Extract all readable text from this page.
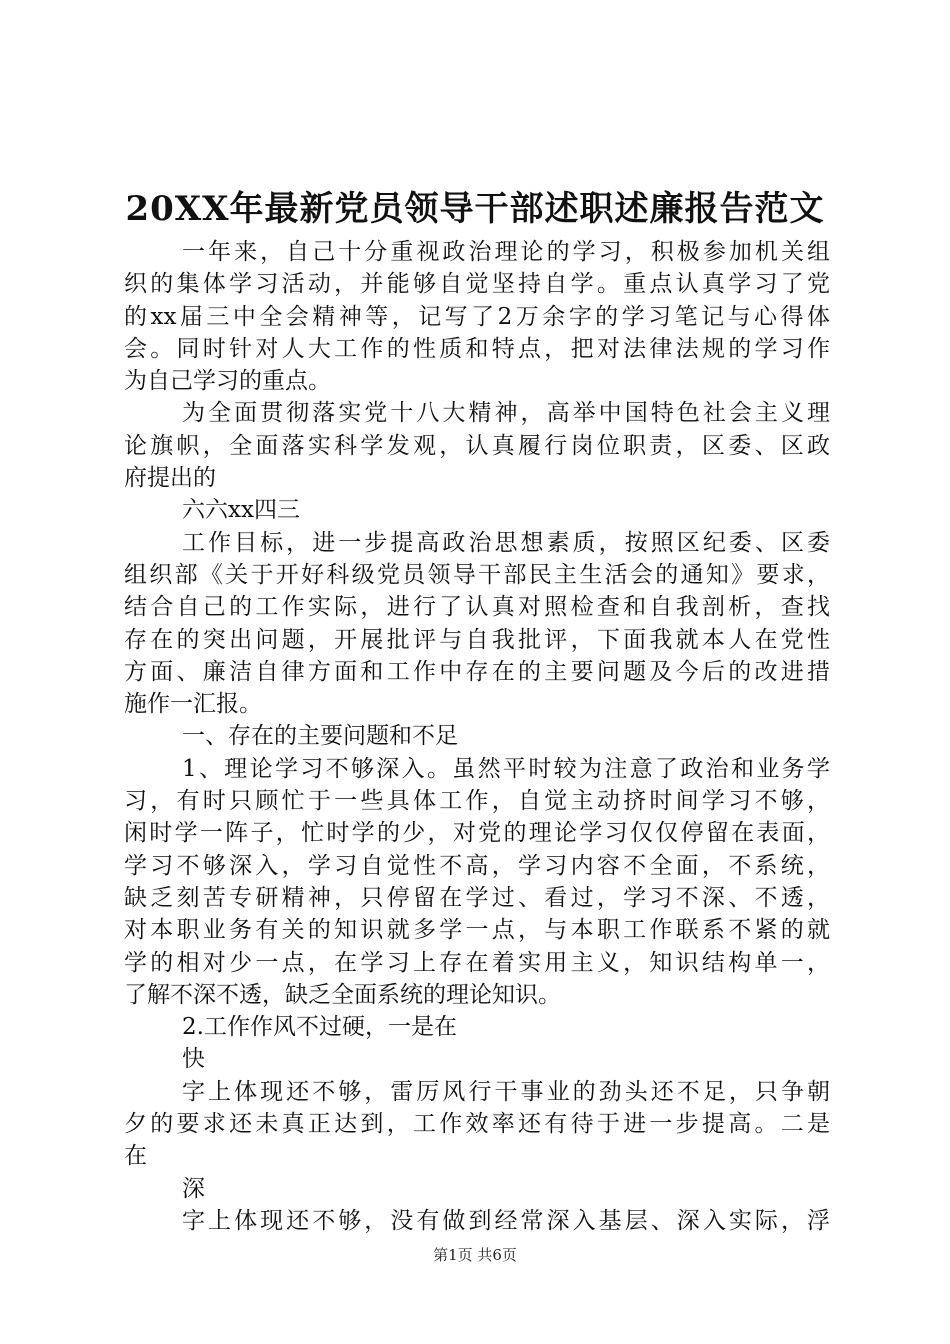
20XX年最新党员领导干部述职述廉报告范文
一年来，自己十分重视政治理论的学习，积极参加机关组
织的集体学习活动，并能够自觉坚持自学。重点认真学习了党
的xx届三中全会精神等，记写了2万余字的学习笔记与心得体
会。同时针对人大工作的性质和特点，把对法律法规的学习作
为自己学习的重点。
为全面贯彻落实党十八大精神，高举中国特色社会主义理
论旗帜，全面落实科学发观，认真履行岗位职责，区委、区政
府提出的
六六xx四三
工作目标，进一步提高政治思想素质，按照区纪委、区委
组织部《关于开好科级党员领导干部民主生活会的通知》要求，
结合自己的工作实际，进行了认真对照检查和自我剖析，查找
存在的突出问题，开展批评与自我批评，下面我就本人在党性
方面、廉洁自律方面和工作中存在的主要问题及今后的改进措
施作一汇报。
一、存在的主要问题和不足
1、理论学习不够深入。虽然平时较为注意了政治和业务学
习，有时只顾忙于一些具体工作，自觉主动挤时间学习不够，
闲时学一阵子，忙时学的少，对党的理论学习仅仅停留在表面，
学习不够深入，学习自觉性不高，学习内容不全面，不系统，
缺乏刻苦专研精神，只停留在学过、看过，学习不深、不透，
对本职业务有关的知识就多学一点，与本职工作联系不紧的就
学的相对少一点，在学习上存在着实用主义，知识结构单一，
了解不深不透，缺乏全面系统的理论知识。
2.工作作风不过硬，一是在
快
字上体现还不够，雷厉风行干事业的劲头还不足，只争朝
夕的要求还未真正达到，工作效率还有待于进一步提高。二是
在
深
字上体现还不够，没有做到经常深入基层、深入实际，浮
第1页 共6页
